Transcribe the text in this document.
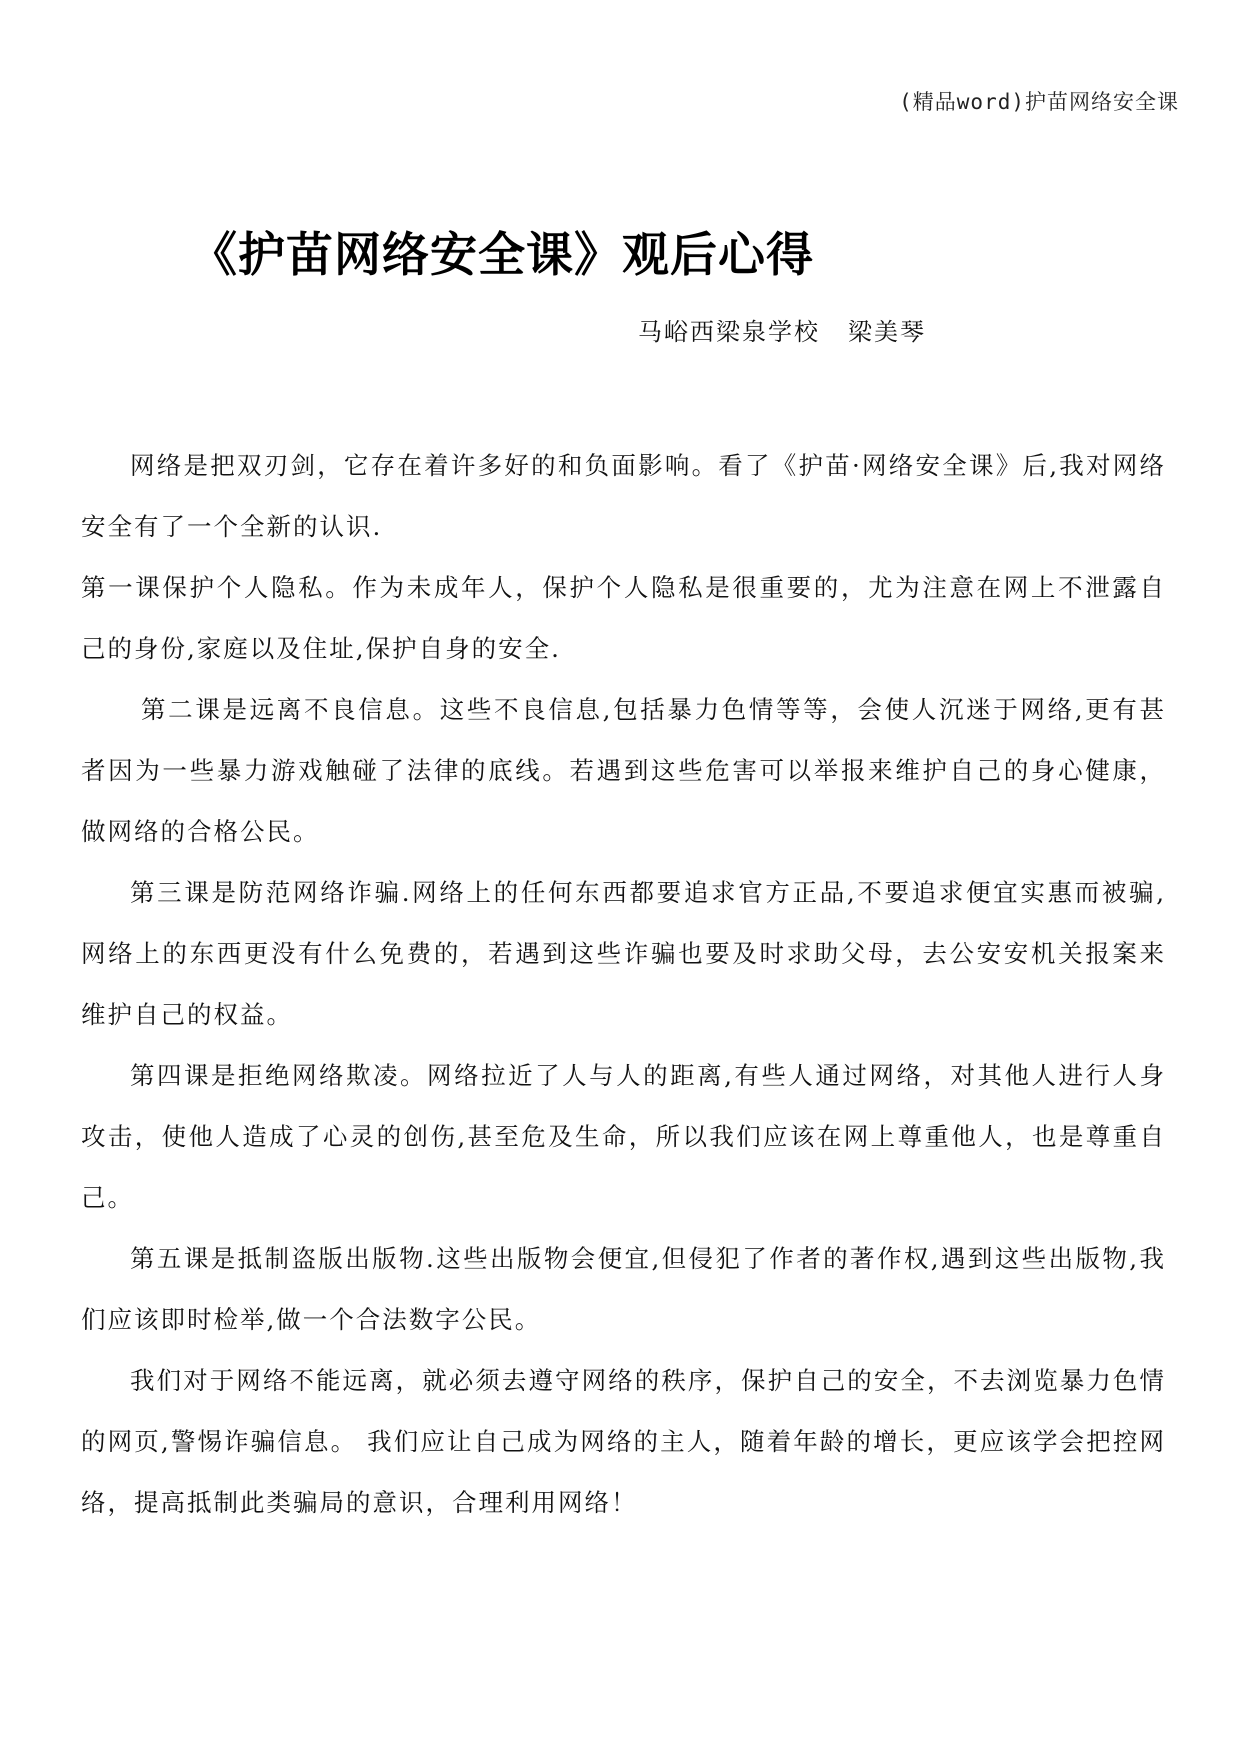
(精品word)护苗网络安全课
《护苗网络安全课》观后心得
马峪西梁泉学校 梁美琴

网络是把双刃剑，它存在着许多好的和负面影响。看了《护苗·网络安全课》后,我对网络安全有了一个全新的认识.

第一课保护个人隐私。作为未成年人，保护个人隐私是很重要的，尤为注意在网上不泄露自己的身份,家庭以及住址,保护自身的安全.

第二课是远离不良信息。这些不良信息,包括暴力色情等等，会使人沉迷于网络,更有甚者因为一些暴力游戏触碰了法律的底线。若遇到这些危害可以举报来维护自己的身心健康，做网络的合格公民。

第三课是防范网络诈骗.网络上的任何东西都要追求官方正品,不要追求便宜实惠而被骗,网络上的东西更没有什么免费的，若遇到这些诈骗也要及时求助父母，去公安安机关报案来维护自己的权益。

第四课是拒绝网络欺凌。网络拉近了人与人的距离,有些人通过网络，对其他人进行人身攻击，使他人造成了心灵的创伤,甚至危及生命，所以我们应该在网上尊重他人，也是尊重自己。

第五课是抵制盗版出版物.这些出版物会便宜,但侵犯了作者的著作权,遇到这些出版物,我们应该即时检举,做一个合法数字公民。

我们对于网络不能远离，就必须去遵守网络的秩序，保护自己的安全，不去浏览暴力色情的网页,警惕诈骗信息。 我们应让自己成为网络的主人，随着年龄的增长，更应该学会把控网络，提高抵制此类骗局的意识，合理利用网络！
